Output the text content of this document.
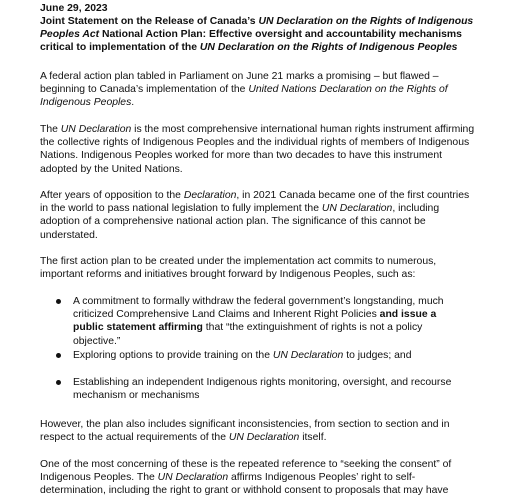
June 29, 2023
Joint Statement on the Release of Canada’s UN Declaration on the Rights of Indigenous Peoples Act National Action Plan: Effective oversight and accountability mechanisms critical to implementation of the UN Declaration on the Rights of Indigenous Peoples
A federal action plan tabled in Parliament on June 21 marks a promising – but flawed – beginning to Canada’s implementation of the United Nations Declaration on the Rights of Indigenous Peoples.
The UN Declaration is the most comprehensive international human rights instrument affirming the collective rights of Indigenous Peoples and the individual rights of members of Indigenous Nations. Indigenous Peoples worked for more than two decades to have this instrument adopted by the United Nations.
After years of opposition to the Declaration, in 2021 Canada became one of the first countries in the world to pass national legislation to fully implement the UN Declaration, including adoption of a comprehensive national action plan. The significance of this cannot be understated.
The first action plan to be created under the implementation act commits to numerous, important reforms and initiatives brought forward by Indigenous Peoples, such as:
A commitment to formally withdraw the federal government’s longstanding, much criticized Comprehensive Land Claims and Inherent Right Policies and issue a public statement affirming that “the extinguishment of rights is not a policy objective.”
Exploring options to provide training on the UN Declaration to judges; and
Establishing an independent Indigenous rights monitoring, oversight, and recourse mechanism or mechanisms
However, the plan also includes significant inconsistencies, from section to section and in respect to the actual requirements of the UN Declaration itself.
One of the most concerning of these is the repeated reference to “seeking the consent” of Indigenous Peoples. The UN Declaration affirms Indigenous Peoples’ right to self-determination, including the right to grant or withhold consent to proposals that may have
